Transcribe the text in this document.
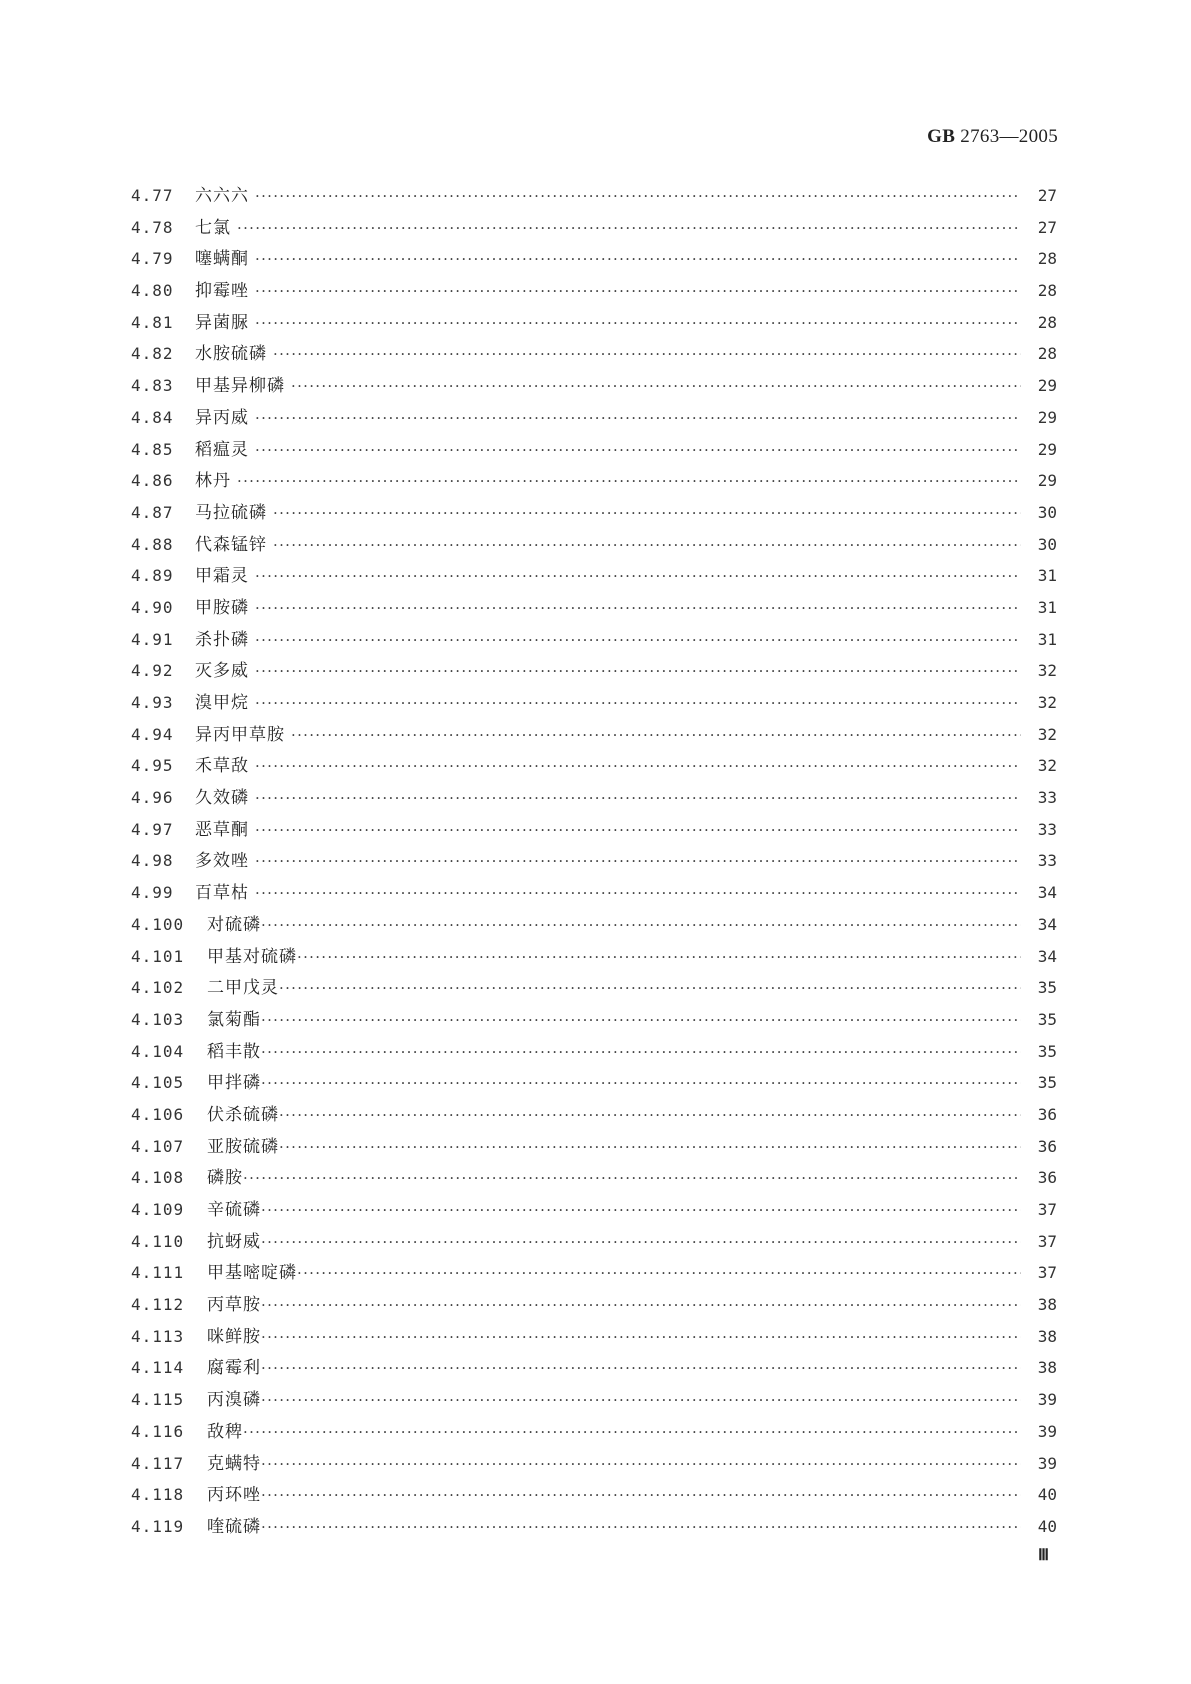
GB 2763—2005
4.77	六六六 ·····	27
4.78	七氯 ·····	27
4.79	噻螨酮 ·····	28
4.80	抑霉唑 ·····	28
4.81	异菌脲 ·····	28
4.82	水胺硫磷 ·····	28
4.83	甲基异柳磷 ·····	29
4.84	异丙威 ·····	29
4.85	稻瘟灵 ·····	29
4.86	林丹 ·····	29
4.87	马拉硫磷 ·····	30
4.88	代森锰锌 ·····	30
4.89	甲霜灵 ·····	31
4.90	甲胺磷 ·····	31
4.91	杀扑磷 ·····	31
4.92	灭多威 ·····	32
4.93	溴甲烷 ·····	32
4.94	异丙甲草胺 ·····	32
4.95	禾草敌 ·····	32
4.96	久效磷 ·····	33
4.97	恶草酮 ·····	33
4.98	多效唑 ·····	33
4.99	百草枯 ·····	34
4.100	对硫磷 ·····	34
4.101	甲基对硫磷 ·····	34
4.102	二甲戊灵 ·····	35
4.103	氯菊酯 ·····	35
4.104	稻丰散 ·····	35
4.105	甲拌磷 ·····	35
4.106	伏杀硫磷 ·····	36
4.107	亚胺硫磷 ·····	36
4.108	磷胺 ·····	36
4.109	辛硫磷 ·····	37
4.110	抗蚜威 ·····	37
4.111	甲基嘧啶磷 ·····	37
4.112	丙草胺 ·····	38
4.113	咪鲜胺 ·····	38
4.114	腐霉利 ·····	38
4.115	丙溴磷 ·····	39
4.116	敌稗 ·····	39
4.117	克螨特 ·····	39
4.118	丙环唑 ·····	40
4.119	喹硫磷 ·····	40
Ⅲ
